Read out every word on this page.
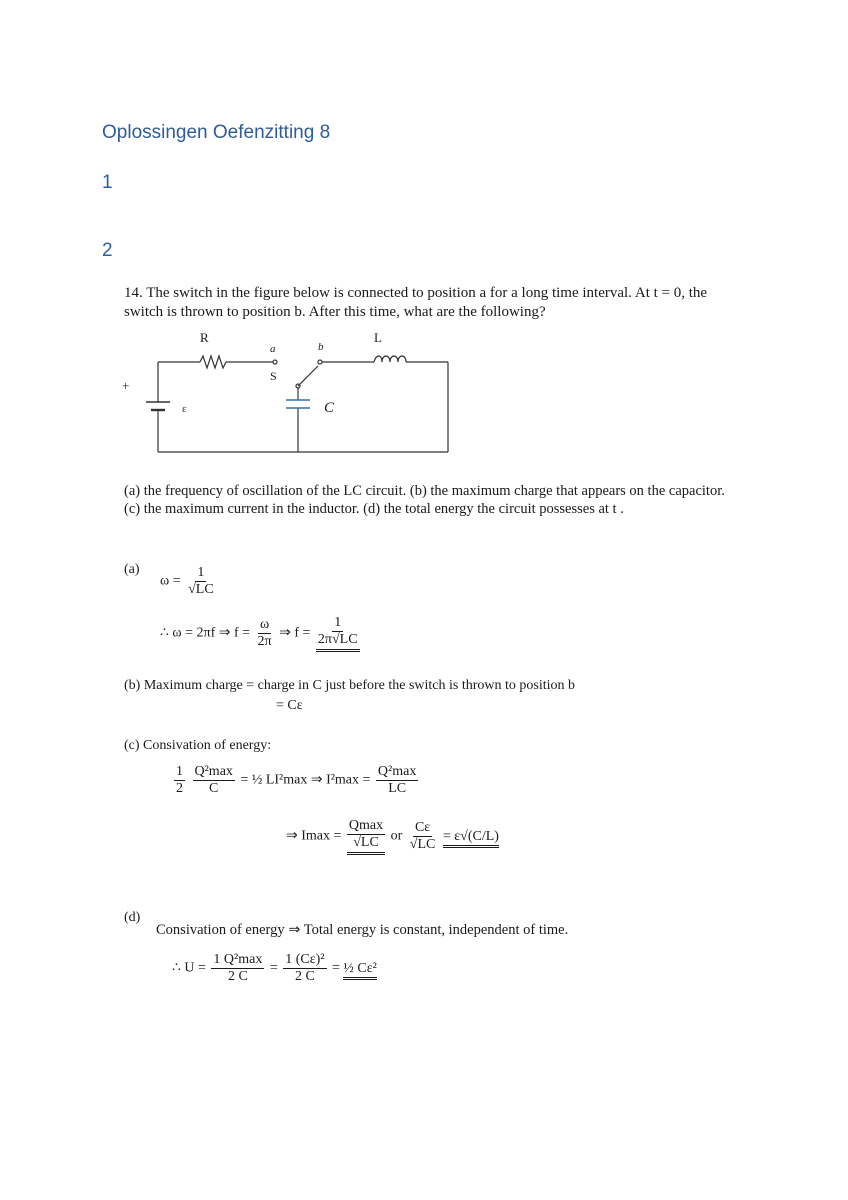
Oplossingen Oefenzitting 8
1
2
14. The switch in the figure below is connected to position a for a long time interval. At t = 0, the switch is thrown to position b. After this time, what are the following?
R	L
a	b
S
C
ε
+
(a) the frequency of oscillation of the LC circuit. (b) the maximum charge that appears on the capacitor. (c) the maximum current in the inductor. (d) the total energy the circuit possesses at t .
(a)
$\omega = \frac{1}{√LC}$
∴ ω = 2πf ⇒ $f = \frac{\omega}{2\pi}$ ⇒ $f = \frac{1}{2\pi√LC}$
(b) Maximum charge = charge in C just before the switch is thrown to position b
= Cε
(c) Consivation of energy:
$\frac{1}{2}$
$\frac{\text{Q²max}}{C}$ = ½ LI²max ⇒ $I^2\max = \frac{\text{Q²max}}{LC}$
⇒ $Imax = \frac{Qmax}{√LC}$ or $\frac{C\varepsilon}{√LC} = \varepsilon√(C/L)$
(d)
Consivation of energy ⇒ Total energy is constant, independent of time.
∴ $U = \frac{\text{1 Q²max}}{2 C} = \frac{\text{1 (Cε)²}}{2 C}$ = ½ Cε²
